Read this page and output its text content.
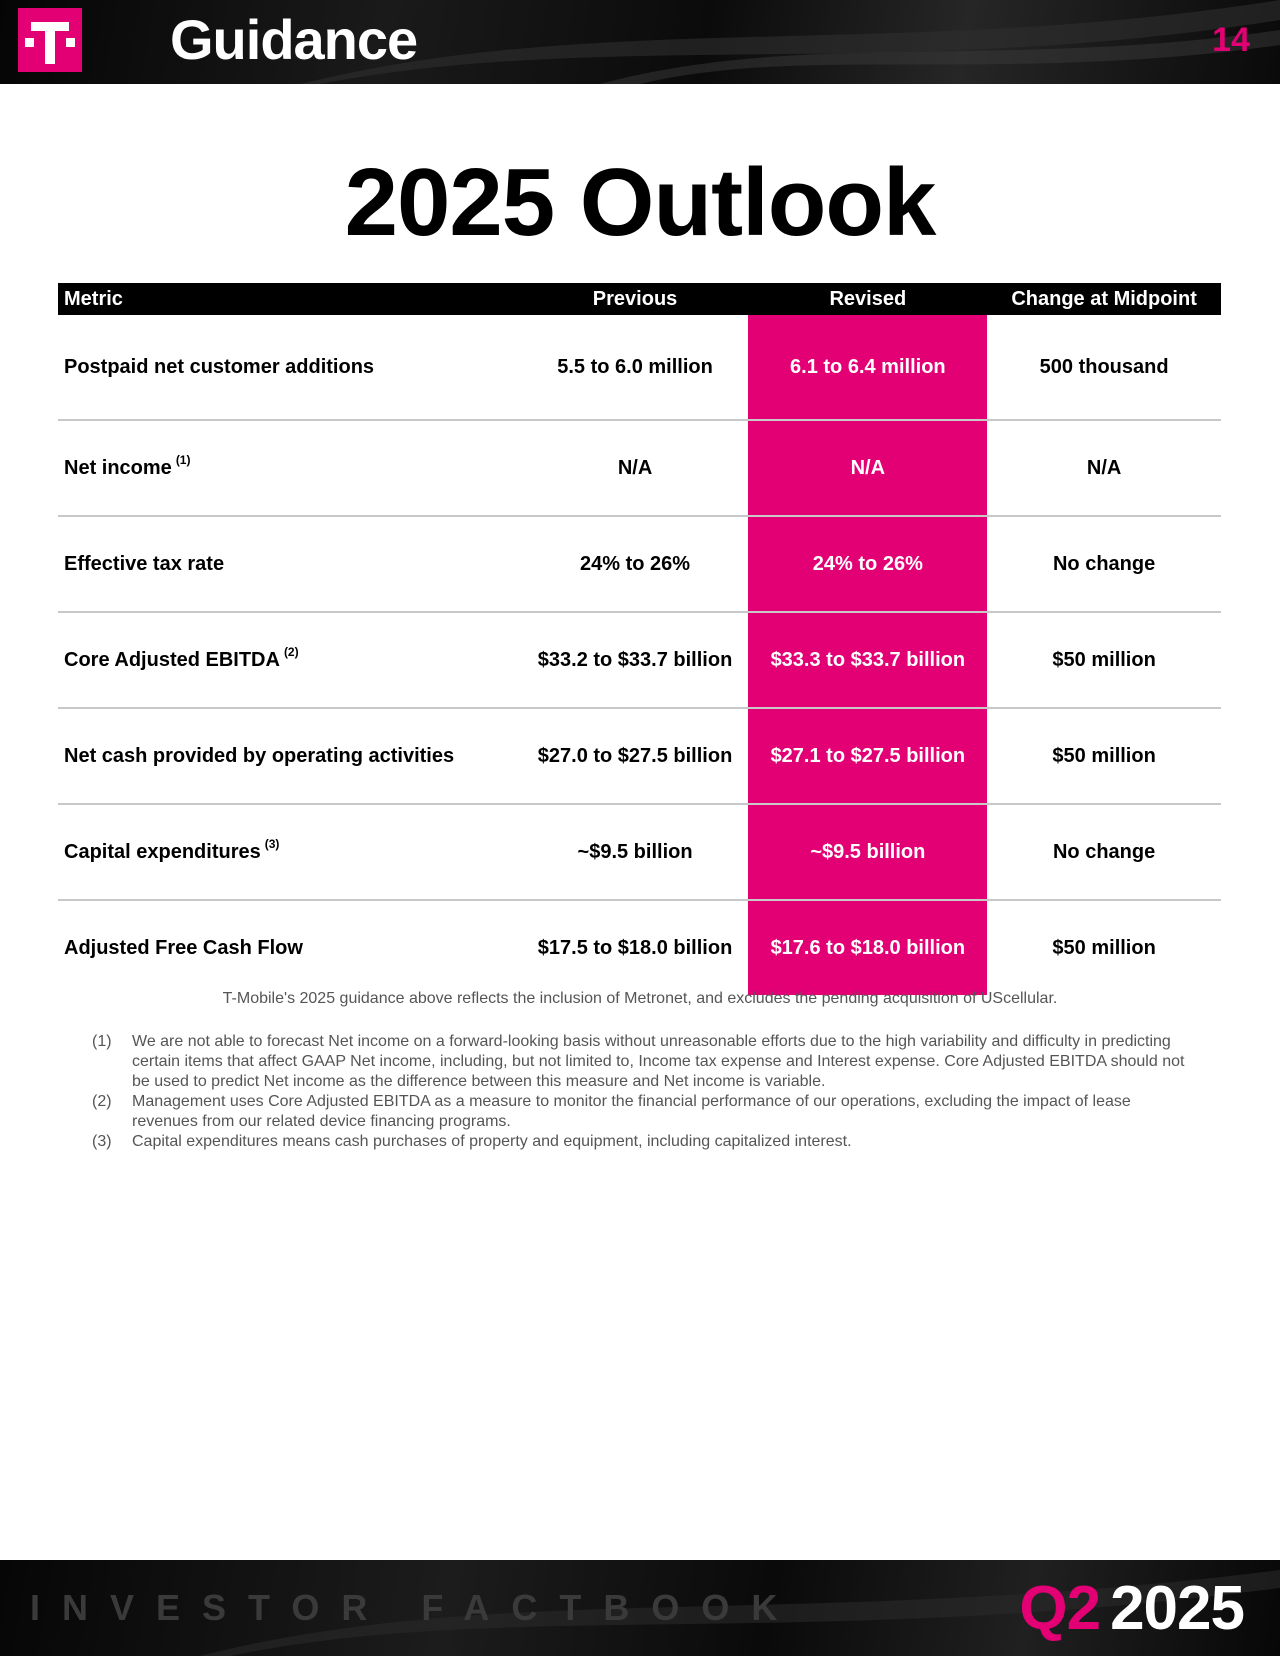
Guidance	14
2025 Outlook
Metric	Previous	Revised	Change at Midpoint
Postpaid net customer additions	5.5 to 6.0 million	6.1 to 6.4 million	500 thousand
Net income (1)	N/A	N/A	N/A
Effective tax rate	24% to 26%	24% to 26%	No change
Core Adjusted EBITDA (2)	$33.2 to $33.7 billion	$33.3 to $33.7 billion	$50 million
Net cash provided by operating activities	$27.0 to $27.5 billion	$27.1 to $27.5 billion	$50 million
Capital expenditures (3)	~$9.5 billion	~$9.5 billion	No change
Adjusted Free Cash Flow	$17.5 to $18.0 billion	$17.6 to $18.0 billion	$50 million
T-Mobile's 2025 guidance above reflects the inclusion of Metronet, and excludes the pending acquisition of UScellular.
(1)	We are not able to forecast Net income on a forward-looking basis without unreasonable efforts due to the high variability and difficulty in predicting certain items that affect GAAP Net income, including, but not limited to, Income tax expense and Interest expense. Core Adjusted EBITDA should not be used to predict Net income as the difference between this measure and Net income is variable.
(2)	Management uses Core Adjusted EBITDA as a measure to monitor the financial performance of our operations, excluding the impact of lease revenues from our related device financing programs.
(3)	Capital expenditures means cash purchases of property and equipment, including capitalized interest.
INVESTOR FACTBOOK	Q2 2025
